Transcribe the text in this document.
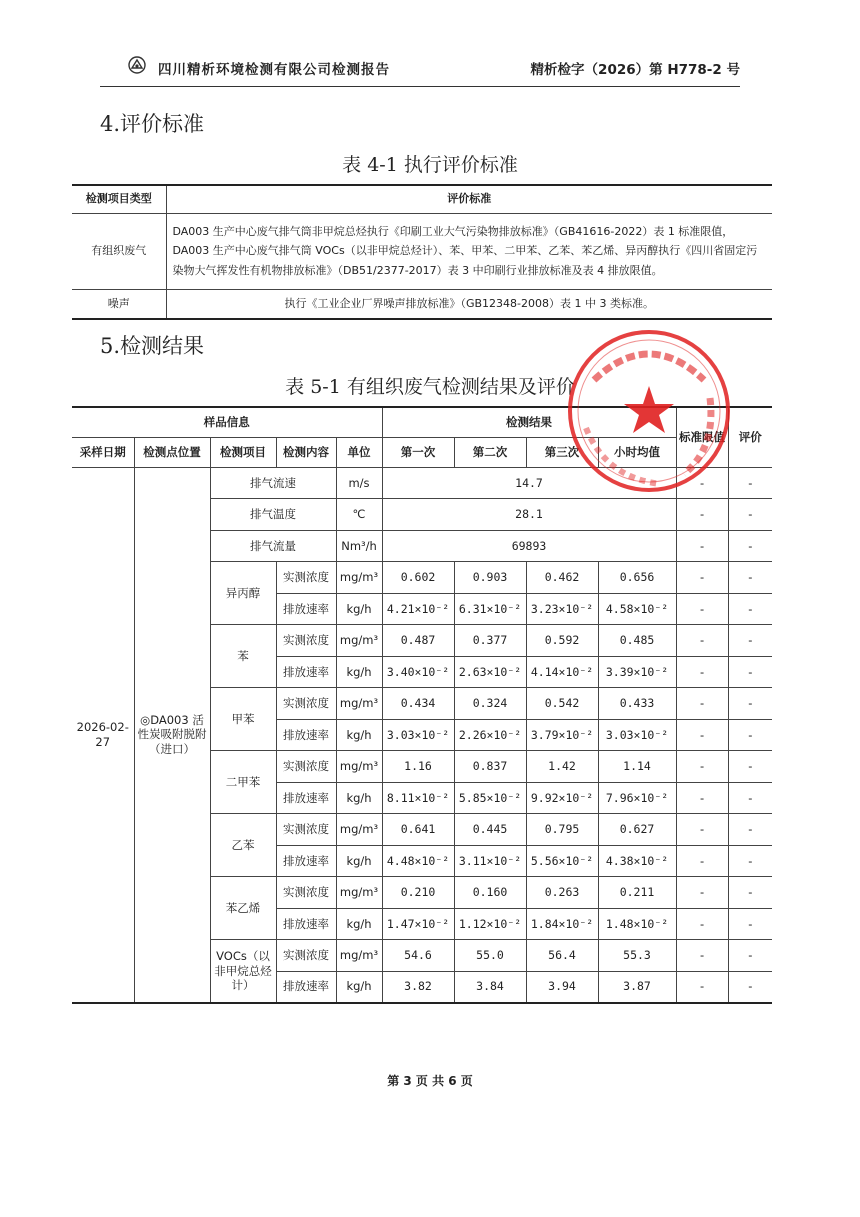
四川精析环境检测有限公司检测报告	精析检字（2026）第 H778-2 号
4.评价标准
表 4-1 执行评价标准
检测项目类型	评价标准
有组织废气	DA003 生产中心废气排气筒非甲烷总烃执行《印刷工业大气污染物排放标准》（GB41616-2022）表 1 标准限值，DA003 生产中心废气排气筒 VOCs（以非甲烷总烃计）、苯、甲苯、二甲苯、乙苯、苯乙烯、异丙醇执行《四川省固定污染物大气挥发性有机物排放标准》（DB51/2377-2017）表 3 中印刷行业排放标准及表 4 排放限值。
噪声	执行《工业企业厂界噪声排放标准》（GB12348-2008）表 1 中 3 类标准。
5.检测结果
表 5-1 有组织废气检测结果及评价
样品信息					检测结果				标准限值	评价
采样日期	检测点位置	检测项目	检测内容	单位	第一次	第二次	第三次	小时均值		
2026-02-27	◎DA003 活性炭吸附脱附（进口）	排气流速		m/s	14.7				-	-
		排气温度		℃	28.1				-	-
		排气流量		Nm³/h	69893				-	-
		异丙醇	实测浓度	mg/m³	0.602	0.903	0.462	0.656	-	-
			排放速率	kg/h	4.21×10⁻²	6.31×10⁻²	3.23×10⁻²	4.58×10⁻²	-	-
		苯	实测浓度	mg/m³	0.487	0.377	0.592	0.485	-	-
			排放速率	kg/h	3.40×10⁻²	2.63×10⁻²	4.14×10⁻²	3.39×10⁻²	-	-
		甲苯	实测浓度	mg/m³	0.434	0.324	0.542	0.433	-	-
			排放速率	kg/h	3.03×10⁻²	2.26×10⁻²	3.79×10⁻²	3.03×10⁻²	-	-
		二甲苯	实测浓度	mg/m³	1.16	0.837	1.42	1.14	-	-
			排放速率	kg/h	8.11×10⁻²	5.85×10⁻²	9.92×10⁻²	7.96×10⁻²	-	-
		乙苯	实测浓度	mg/m³	0.641	0.445	0.795	0.627	-	-
			排放速率	kg/h	4.48×10⁻²	3.11×10⁻²	5.56×10⁻²	4.38×10⁻²	-	-
		苯乙烯	实测浓度	mg/m³	0.210	0.160	0.263	0.211	-	-
			排放速率	kg/h	1.47×10⁻²	1.12×10⁻²	1.84×10⁻²	1.48×10⁻²	-	-
		VOCs（以非甲烷总烃计）	实测浓度	mg/m³	54.6	55.0	56.4	55.3	-	-
			排放速率	kg/h	3.82	3.84	3.94	3.87	-	-
第 3 页 共 6 页
